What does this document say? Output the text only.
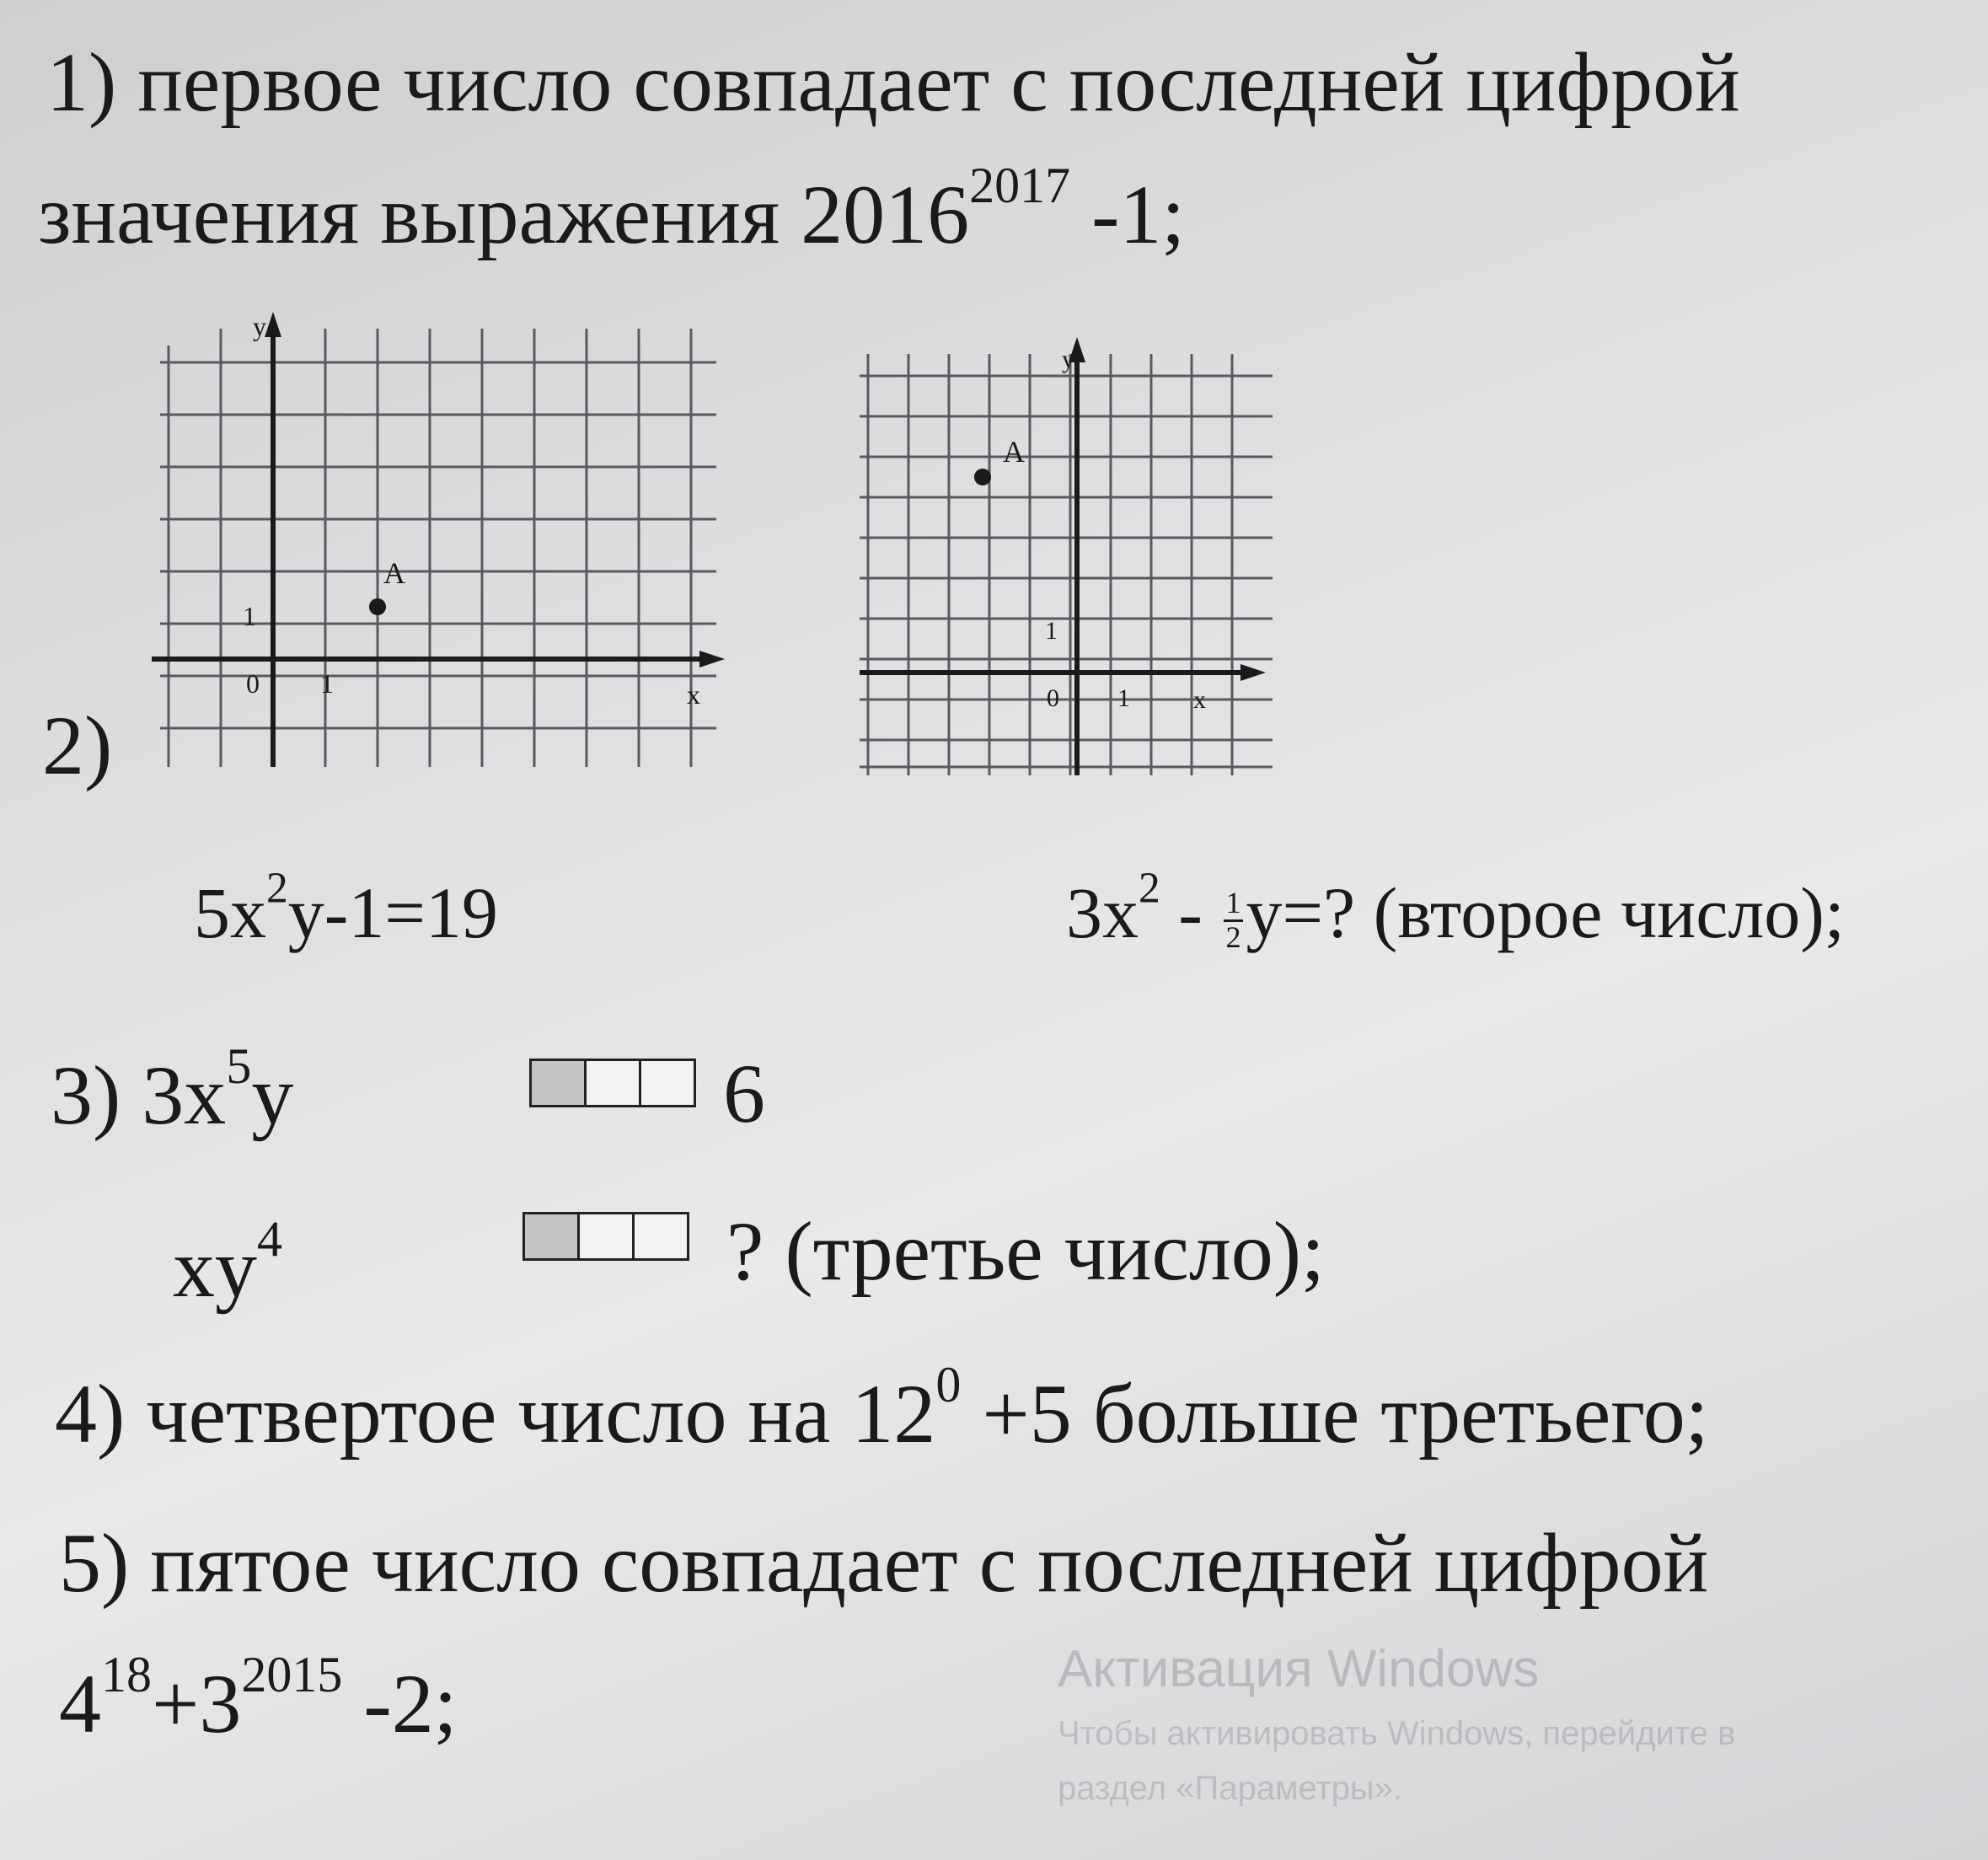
1) первое число совпадает с последней цифрой
значения выражения $2016^{2017}$ -1;
2)
y
x
0 1
1
A
y
x
0 1
1
A
$5x^2y-1=19$	$3x^2 - \frac{1}{2} y=$? (второе число);
3) $3x^5y$	6
$xy^4$	? (третье число);
4) четвертое число на $12^0 +5$ больше третьего;
5) пятое число совпадает с последней цифрой
$4^{18}+3^{2015}$ -2;	Активация Windows
Чтобы активировать Windows, перейдите в
раздел «Параметры».
